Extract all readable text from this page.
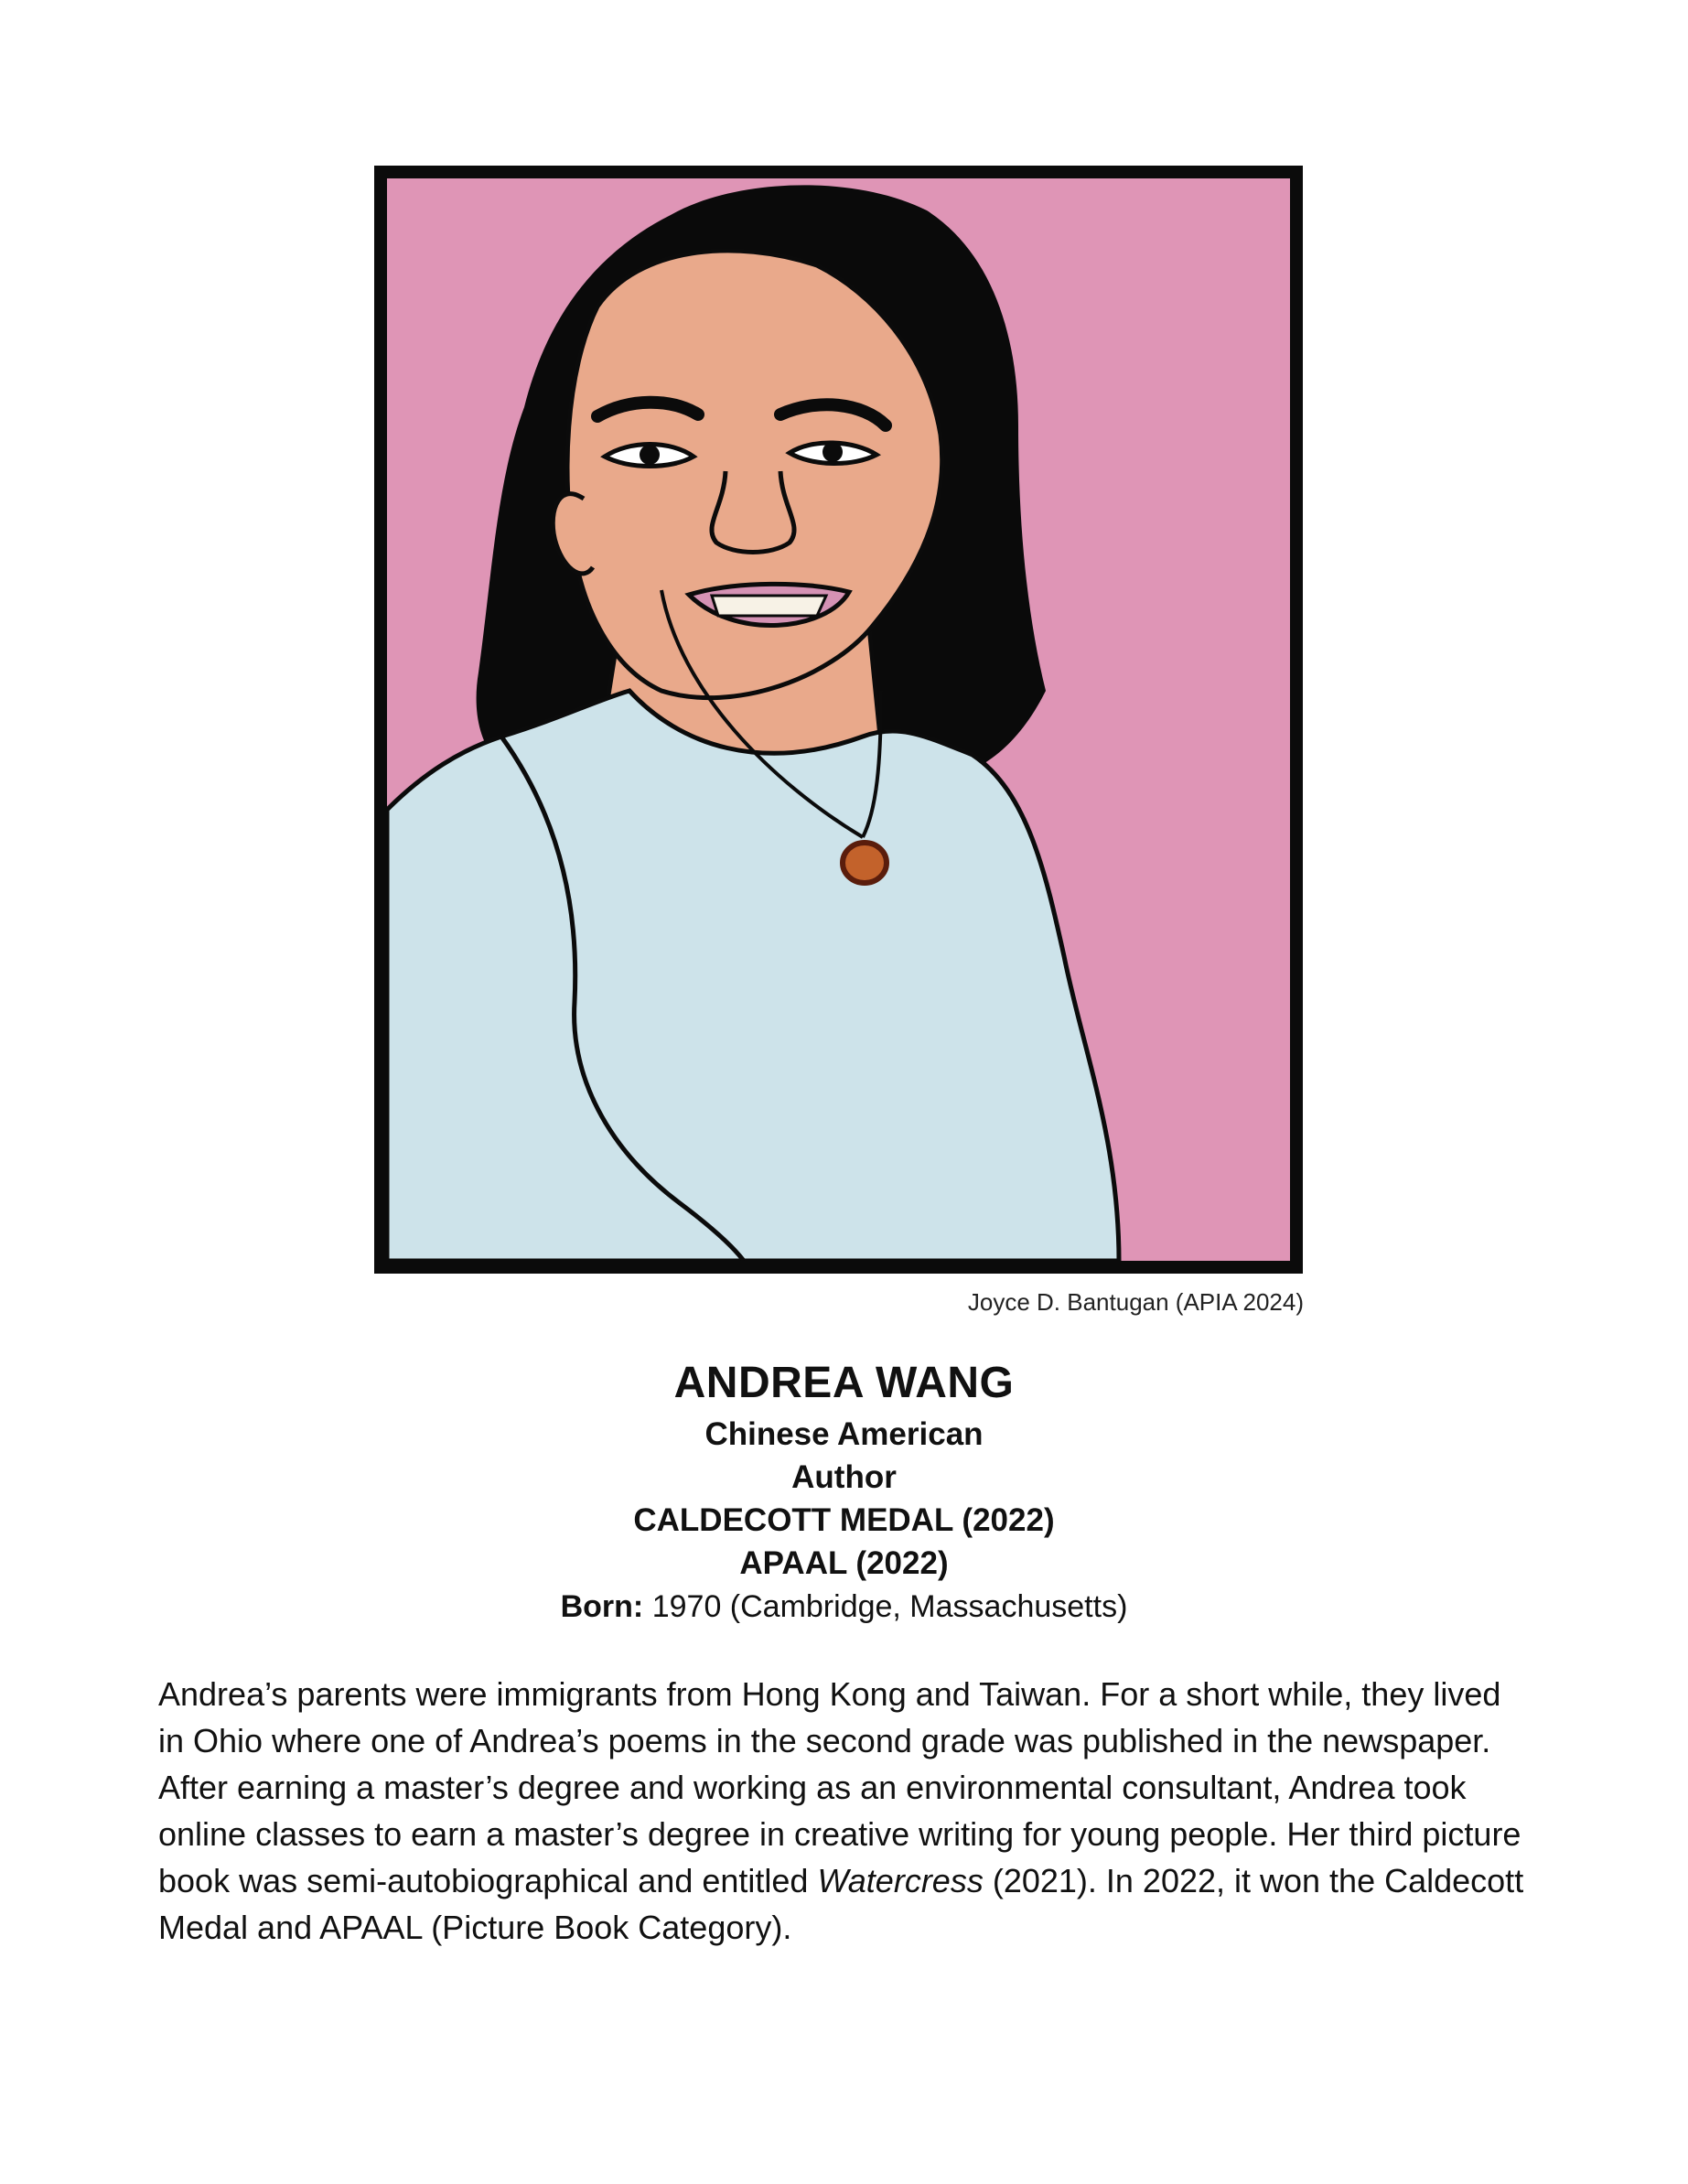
Joyce D. Bantugan (APIA 2024)
ANDREA WANG
Chinese American
Author
CALDECOTT MEDAL (2022)
APAAL (2022)
Born: 1970 (Cambridge, Massachusetts)

Andrea’s parents were immigrants from Hong Kong and Taiwan. For a short while, they lived in Ohio where one of Andrea’s poems in the second grade was published in the newspaper. After earning a master’s degree and working as an environmental consultant, Andrea took online classes to earn a master’s degree in creative writing for young people. Her third picture book was semi-autobiographical and entitled Watercress (2021). In 2022, it won the Caldecott Medal and APAAL (Picture Book Category).
